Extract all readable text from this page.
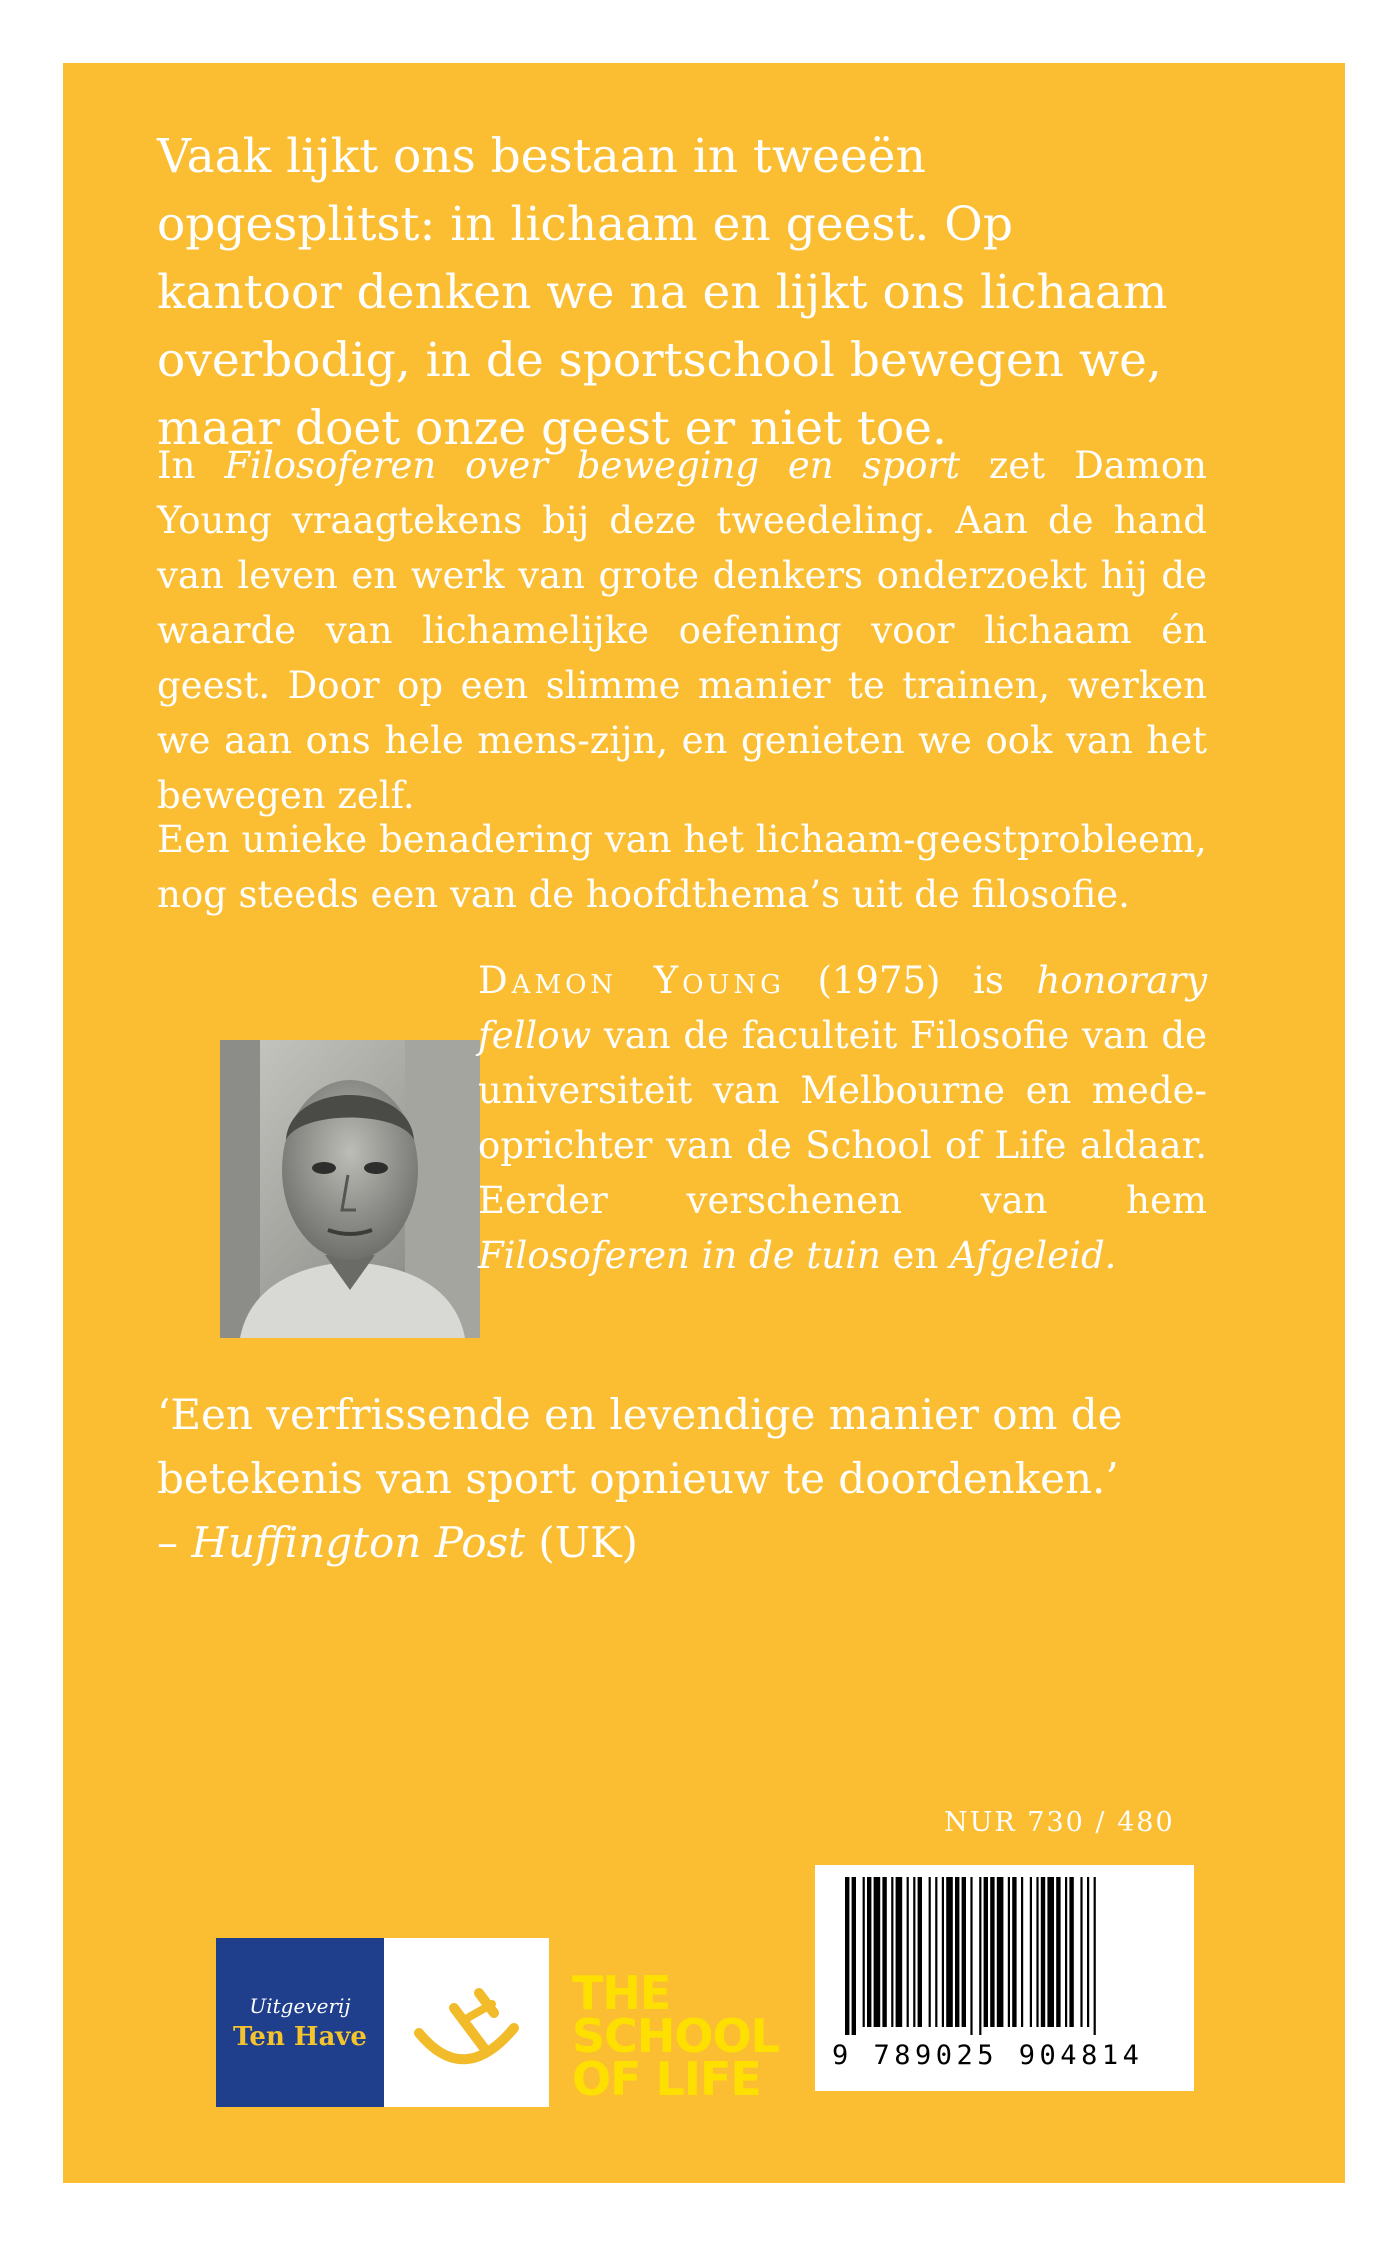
Vaak lijkt ons bestaan in tweeën opgesplitst: in lichaam en geest. Op kantoor denken we na en lijkt ons lichaam overbodig, in de sportschool bewegen we, maar doet onze geest er niet toe.

In Filosoferen over beweging en sport zet Damon Young vraagtekens bij deze tweedeling. Aan de hand van leven en werk van grote denkers onderzoekt hij de waarde van lichamelijke oefening voor lichaam én geest. Door op een slimme manier te trainen, werken we aan ons hele mens-zijn, en genieten we ook van het bewegen zelf.

Een unieke benadering van het lichaam-geestprobleem, nog steeds een van de hoofdthema’s uit de filosofie.

Damon Young (1975) is honorary fellow van de faculteit Filosofie van de universiteit van Melbourne en mede-oprichter van de School of Life aldaar. Eerder verschenen van hem Filosoferen in de tuin en Afgeleid.

‘Een verfrissende en levendige manier om de betekenis van sport opnieuw te doordenken.’
– Huffington Post (UK)

NUR 730 / 480
9 789025 904814
Uitgeverij
Ten Have
THE
SCHOOL
OF LIFE
